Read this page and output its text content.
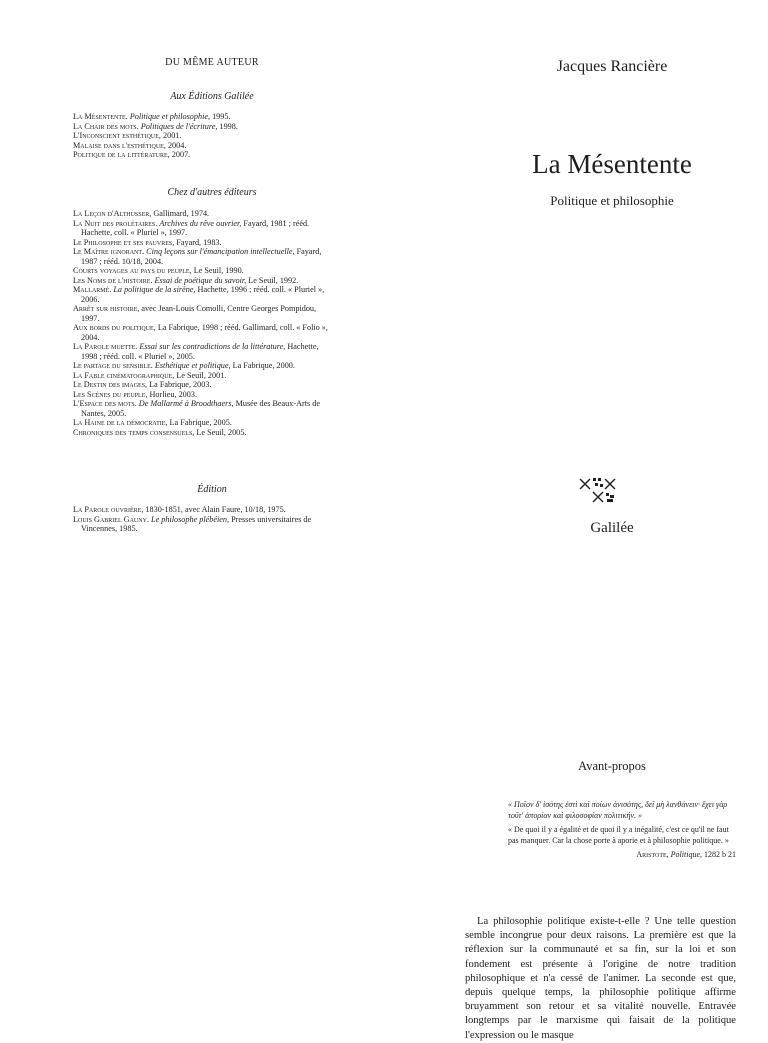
DU MÊME AUTEUR
Aux Éditions Galilée
La Mésentente. Politique et philosophie, 1995.
La Chair des mots. Politiques de l'écriture, 1998.
L'Inconscient esthétique, 2001.
Malaise dans l'esthétique, 2004.
Politique de la littérature, 2007.
Chez d'autres éditeurs
La Leçon d'Althusser, Gallimard, 1974.
La Nuit des prolétaires. Archives du rêve ouvrier, Fayard, 1981 ; rééd. Hachette, coll. « Pluriel », 1997.
Le Philosophe et ses pauvres, Fayard, 1983.
Le Maître ignorant. Cinq leçons sur l'émancipation intellectuelle, Fayard, 1987 ; rééd. 10/18, 2004.
Courts voyages au pays du peuple, Le Seuil, 1990.
Les Noms de l'histoire. Essai de poétique du savoir, Le Seuil, 1992.
Mallarmé. La politique de la sirène, Hachette, 1996 ; rééd. coll. « Pluriel », 2006.
Arrêt sur histoire, avec Jean-Louis Comolli, Centre Georges Pompidou, 1997.
Aux bords du politique, La Fabrique, 1998 ; rééd. Gallimard, coll. « Folio », 2004.
La Parole muette. Essai sur les contradictions de la littérature, Hachette, 1998 ; rééd. coll. « Pluriel », 2005.
Le partage du sensible. Esthétique et politique, La Fabrique, 2000.
La Fable cinématographique, Le Seuil, 2001.
Le Destin des images, La Fabrique, 2003.
Les Scènes du peuple, Horlieu, 2003.
L'Espace des mots. De Mallarmé à Broodthaers, Musée des Beaux-Arts de Nantes, 2005.
La Haine de la démocratie, La Fabrique, 2005.
Chroniques des temps consensuels, Le Seuil, 2005.
Édition
La Parole ouvrière, 1830-1851, avec Alain Faure, 10/18, 1975.
Louis Gabriel Gauny. Le philosophe plébéien, Presses universitaires de Vincennes, 1985.
Jacques Rancière
La Mésentente
Politique et philosophie
Galilée
Avant-propos

« Ποῖον δ' ἰσότης ἐστὶ καὶ ποίων ἀνισότης, δεῖ μὴ λανθάνειν· ἔχει γὰρ τοῦτ' ἀπορίαν καὶ φιλοσοφίαν πολιτικήν. »

« De quoi il y a égalité et de quoi il y a inégalité, c'est ce qu'il ne faut pas manquer. Car la chose porte à aporie et à philosophie politique. »

Aristote, Politique, 1282 b 21

La philosophie politique existe-t-elle ? Une telle question semble incongrue pour deux raisons. La première est que la réflexion sur la communauté et sa fin, sur la loi et son fondement est présente à l'origine de notre tradition philosophique et n'a cessé de l'animer. La seconde est que, depuis quelque temps, la philosophie politique affirme bruyamment son retour et sa vitalité nouvelle. Entravée longtemps par le marxisme qui faisait de la politique l'expression ou le masque
